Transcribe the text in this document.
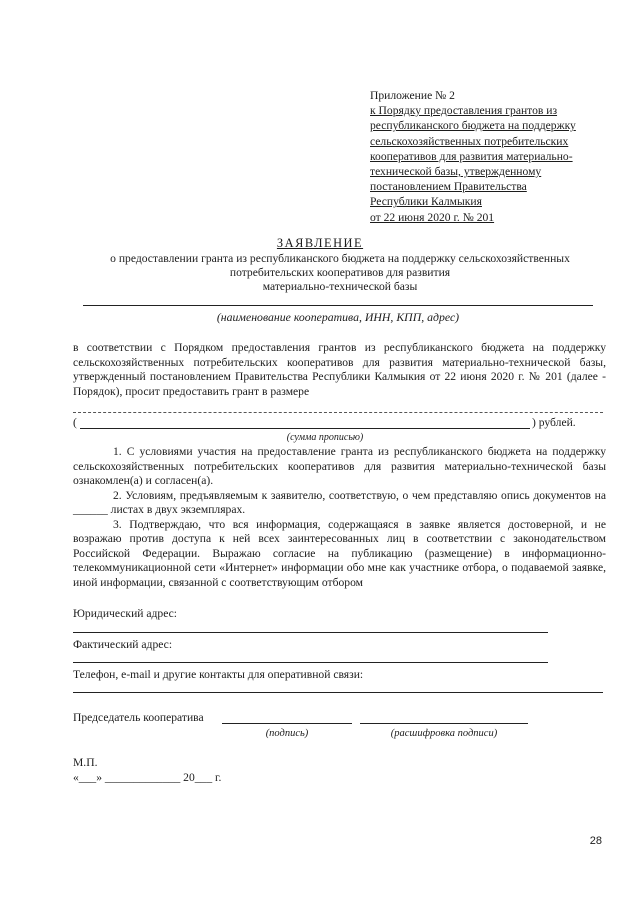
Приложение № 2
к Порядку предоставления грантов из
республиканского бюджета на поддержку
сельскохозяйственных потребительских
кооперативов для развития материально-
технической базы, утвержденному
постановлением Правительства
Республики Калмыкия
от 22 июня 2020 г. № 201
ЗАЯВЛЕНИЕ
о предоставлении гранта из республиканского бюджета на поддержку сельскохозяйственных
потребительских кооперативов для развития
материально-технической базы
(наименование кооператива, ИНН, КПП, адрес)
в соответствии с Порядком предоставления грантов из республиканского бюджета на поддержку сельскохозяйственных потребительских кооперативов для развития материально-технической базы, утвержденный постановлением Правительства Республики Калмыкия от 22 июня 2020 г. № 201 (далее - Порядок), просит предоставить грант в размере
(	) рублей.
(сумма прописью)

1. С условиями участия на предоставление гранта из республиканского бюджета на поддержку сельскохозяйственных потребительских кооперативов для развития материально-технической базы ознакомлен(а) и согласен(а).

2. Условиям, предъявляемым к заявителю, соответствую, о чем представляю опись документов на ______ листах в двух экземплярах.

3. Подтверждаю, что вся информация, содержащаяся в заявке является достоверной, и не возражаю против доступа к ней всех заинтересованных лиц в соответствии с законодательством Российской Федерации. Выражаю согласие на публикацию (размещение) в информационно-телекоммуникационной сети «Интернет» информации обо мне как участнике отбора, о подаваемой заявке, иной информации, связанной с соответствующим отбором

Юридический адрес:
Фактический адрес:
Телефон, e-mail и другие контакты для оперативной связи:
Председатель кооператива
(подпись)	(расшифровка подписи)
М.П.
«___» _____________ 20___ г.
28
